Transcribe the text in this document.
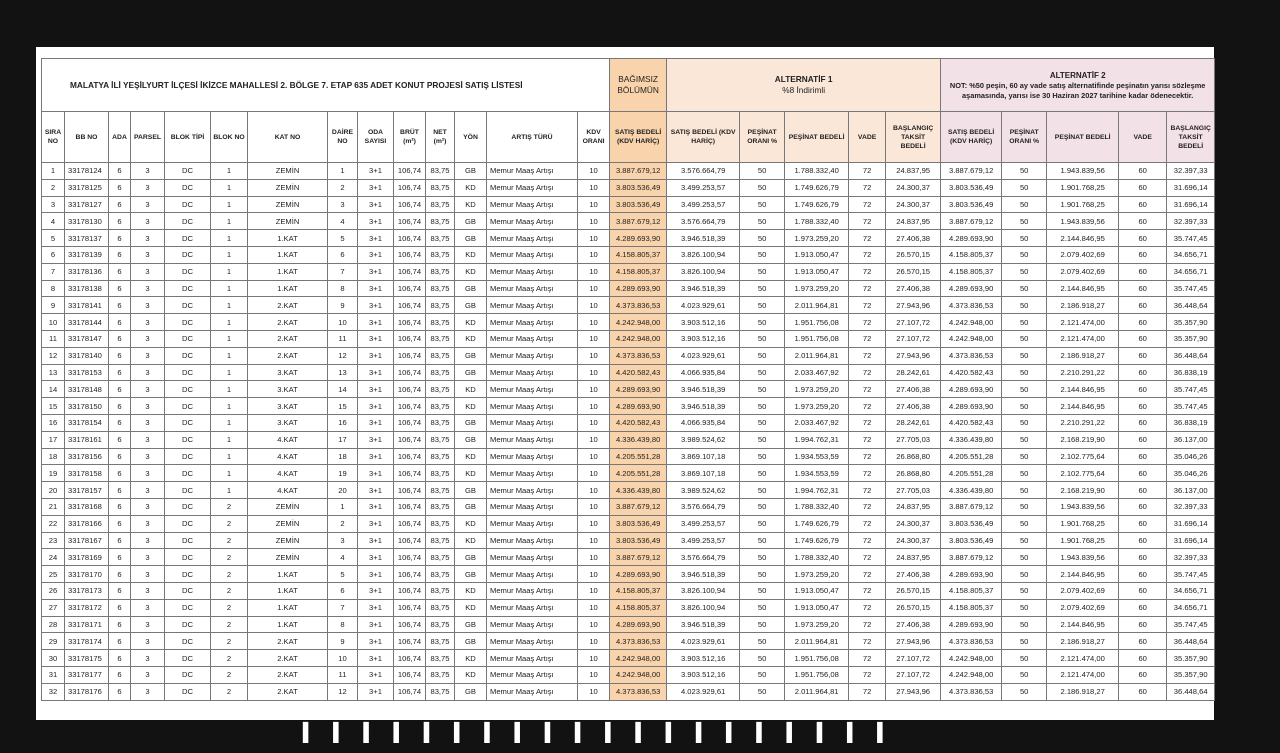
MALATYA İLİ YEŞİLYURT İLÇESİ İKİZCE MAHALLESİ 2. BÖLGE 7. ETAP 635 ADET KONUT PROJESİ SATIŞ LİSTESİ														BAĞIMSIZ BÖLÜMÜN	ALTERNATİF 1
%8 İndirimli					ALTERNATİF 2
NOT: %50 peşin, 60 ay vade satış alternatifinde peşinatın yarısı sözleşme aşamasında, yarısı ise 30 Haziran 2027 tarihine kadar ödenecektir.				

SIRA NO	BB NO	ADA	PARSEL	BLOK TİPİ	BLOK NO	KAT NO	DAİRE NO	ODA SAYISI	BRÜT (m²)	NET (m²)	YÖN	ARTIŞ TÜRÜ	KDV ORANI	SATIŞ BEDELİ (KDV HARİÇ)	SATIŞ BEDELİ (KDV HARİÇ)	PEŞİNAT ORANI %	PEŞİNAT BEDELİ	VADE	BAŞLANGIÇ TAKSİT BEDELİ	SATIŞ BEDELİ (KDV HARİÇ)	PEŞİNAT ORANI %	PEŞİNAT BEDELİ	VADE	BAŞLANGIÇ TAKSİT BEDELİ
1	33178124	6	3	DC	1	ZEMİN	1	3+1	106,74	83,75	GB	Memur Maaş Artışı	10	3.887.679,12	3.576.664,79	50	1.788.332,40	72	24.837,95	3.887.679,12	50	1.943.839,56	60	32.397,33
2	33178125	6	3	DC	1	ZEMİN	2	3+1	106,74	83,75	KD	Memur Maaş Artışı	10	3.803.536,49	3.499.253,57	50	1.749.626,79	72	24.300,37	3.803.536,49	50	1.901.768,25	60	31.696,14
3	33178127	6	3	DC	1	ZEMİN	3	3+1	106,74	83,75	KD	Memur Maaş Artışı	10	3.803.536,49	3.499.253,57	50	1.749.626,79	72	24.300,37	3.803.536,49	50	1.901.768,25	60	31.696,14
4	33178130	6	3	DC	1	ZEMİN	4	3+1	106,74	83,75	GB	Memur Maaş Artışı	10	3.887.679,12	3.576.664,79	50	1.788.332,40	72	24.837,95	3.887.679,12	50	1.943.839,56	60	32.397,33
5	33178137	6	3	DC	1	1.KAT	5	3+1	106,74	83,75	GB	Memur Maaş Artışı	10	4.289.693,90	3.946.518,39	50	1.973.259,20	72	27.406,38	4.289.693,90	50	2.144.846,95	60	35.747,45
6	33178139	6	3	DC	1	1.KAT	6	3+1	106,74	83,75	KD	Memur Maaş Artışı	10	4.158.805,37	3.826.100,94	50	1.913.050,47	72	26.570,15	4.158.805,37	50	2.079.402,69	60	34.656,71
7	33178136	6	3	DC	1	1.KAT	7	3+1	106,74	83,75	KD	Memur Maaş Artışı	10	4.158.805,37	3.826.100,94	50	1.913.050,47	72	26.570,15	4.158.805,37	50	2.079.402,69	60	34.656,71
8	33178138	6	3	DC	1	1.KAT	8	3+1	106,74	83,75	GB	Memur Maaş Artışı	10	4.289.693,90	3.946.518,39	50	1.973.259,20	72	27.406,38	4.289.693,90	50	2.144.846,95	60	35.747,45
9	33178141	6	3	DC	1	2.KAT	9	3+1	106,74	83,75	GB	Memur Maaş Artışı	10	4.373.836,53	4.023.929,61	50	2.011.964,81	72	27.943,96	4.373.836,53	50	2.186.918,27	60	36.448,64
10	33178144	6	3	DC	1	2.KAT	10	3+1	106,74	83,75	KD	Memur Maaş Artışı	10	4.242.948,00	3.903.512,16	50	1.951.756,08	72	27.107,72	4.242.948,00	50	2.121.474,00	60	35.357,90
11	33178147	6	3	DC	1	2.KAT	11	3+1	106,74	83,75	KD	Memur Maaş Artışı	10	4.242.948,00	3.903.512,16	50	1.951.756,08	72	27.107,72	4.242.948,00	50	2.121.474,00	60	35.357,90
12	33178140	6	3	DC	1	2.KAT	12	3+1	106,74	83,75	GB	Memur Maaş Artışı	10	4.373.836,53	4.023.929,61	50	2.011.964,81	72	27.943,96	4.373.836,53	50	2.186.918,27	60	36.448,64
13	33178153	6	3	DC	1	3.KAT	13	3+1	106,74	83,75	GB	Memur Maaş Artışı	10	4.420.582,43	4.066.935,84	50	2.033.467,92	72	28.242,61	4.420.582,43	50	2.210.291,22	60	36.838,19
14	33178148	6	3	DC	1	3.KAT	14	3+1	106,74	83,75	KD	Memur Maaş Artışı	10	4.289.693,90	3.946.518,39	50	1.973.259,20	72	27.406,38	4.289.693,90	50	2.144.846,95	60	35.747,45
15	33178150	6	3	DC	1	3.KAT	15	3+1	106,74	83,75	KD	Memur Maaş Artışı	10	4.289.693,90	3.946.518,39	50	1.973.259,20	72	27.406,38	4.289.693,90	50	2.144.846,95	60	35.747,45
16	33178154	6	3	DC	1	3.KAT	16	3+1	106,74	83,75	GB	Memur Maaş Artışı	10	4.420.582,43	4.066.935,84	50	2.033.467,92	72	28.242,61	4.420.582,43	50	2.210.291,22	60	36.838,19
17	33178161	6	3	DC	1	4.KAT	17	3+1	106,74	83,75	GB	Memur Maaş Artışı	10	4.336.439,80	3.989.524,62	50	1.994.762,31	72	27.705,03	4.336.439,80	50	2.168.219,90	60	36.137,00
18	33178156	6	3	DC	1	4.KAT	18	3+1	106,74	83,75	KD	Memur Maaş Artışı	10	4.205.551,28	3.869.107,18	50	1.934.553,59	72	26.868,80	4.205.551,28	50	2.102.775,64	60	35.046,26
19	33178158	6	3	DC	1	4.KAT	19	3+1	106,74	83,75	KD	Memur Maaş Artışı	10	4.205.551,28	3.869.107,18	50	1.934.553,59	72	26.868,80	4.205.551,28	50	2.102.775,64	60	35.046,26
20	33178157	6	3	DC	1	4.KAT	20	3+1	106,74	83,75	GB	Memur Maaş Artışı	10	4.336.439,80	3.989.524,62	50	1.994.762,31	72	27.705,03	4.336.439,80	50	2.168.219,90	60	36.137,00
21	33178168	6	3	DC	2	ZEMİN	1	3+1	106,74	83,75	GB	Memur Maaş Artışı	10	3.887.679,12	3.576.664,79	50	1.788.332,40	72	24.837,95	3.887.679,12	50	1.943.839,56	60	32.397,33
22	33178166	6	3	DC	2	ZEMİN	2	3+1	106,74	83,75	KD	Memur Maaş Artışı	10	3.803.536,49	3.499.253,57	50	1.749.626,79	72	24.300,37	3.803.536,49	50	1.901.768,25	60	31.696,14
23	33178167	6	3	DC	2	ZEMİN	3	3+1	106,74	83,75	KD	Memur Maaş Artışı	10	3.803.536,49	3.499.253,57	50	1.749.626,79	72	24.300,37	3.803.536,49	50	1.901.768,25	60	31.696,14
24	33178169	6	3	DC	2	ZEMİN	4	3+1	106,74	83,75	GB	Memur Maaş Artışı	10	3.887.679,12	3.576.664,79	50	1.788.332,40	72	24.837,95	3.887.679,12	50	1.943.839,56	60	32.397,33
25	33178170	6	3	DC	2	1.KAT	5	3+1	106,74	83,75	GB	Memur Maaş Artışı	10	4.289.693,90	3.946.518,39	50	1.973.259,20	72	27.406,38	4.289.693,90	50	2.144.846,95	60	35.747,45
26	33178173	6	3	DC	2	1.KAT	6	3+1	106,74	83,75	KD	Memur Maaş Artışı	10	4.158.805,37	3.826.100,94	50	1.913.050,47	72	26.570,15	4.158.805,37	50	2.079.402,69	60	34.656,71
27	33178172	6	3	DC	2	1.KAT	7	3+1	106,74	83,75	KD	Memur Maaş Artışı	10	4.158.805,37	3.826.100,94	50	1.913.050,47	72	26.570,15	4.158.805,37	50	2.079.402,69	60	34.656,71
28	33178171	6	3	DC	2	1.KAT	8	3+1	106,74	83,75	GB	Memur Maaş Artışı	10	4.289.693,90	3.946.518,39	50	1.973.259,20	72	27.406,38	4.289.693,90	50	2.144.846,95	60	35.747,45
29	33178174	6	3	DC	2	2.KAT	9	3+1	106,74	83,75	GB	Memur Maaş Artışı	10	4.373.836,53	4.023.929,61	50	2.011.964,81	72	27.943,96	4.373.836,53	50	2.186.918,27	60	36.448,64
30	33178175	6	3	DC	2	2.KAT	10	3+1	106,74	83,75	KD	Memur Maaş Artışı	10	4.242.948,00	3.903.512,16	50	1.951.756,08	72	27.107,72	4.242.948,00	50	2.121.474,00	60	35.357,90
31	33178177	6	3	DC	2	2.KAT	11	3+1	106,74	83,75	KD	Memur Maaş Artışı	10	4.242.948,00	3.903.512,16	50	1.951.756,08	72	27.107,72	4.242.948,00	50	2.121.474,00	60	35.357,90
32	33178176	6	3	DC	2	2.KAT	12	3+1	106,74	83,75	GB	Memur Maaş Artışı	10	4.373.836,53	4.023.929,61	50	2.011.964,81	72	27.943,96	4.373.836,53	50	2.186.918,27	60	36.448,64
ı ı ı ı ı ı ı ı ı ı ı ı ı ı ı ı ı ı ı ı
